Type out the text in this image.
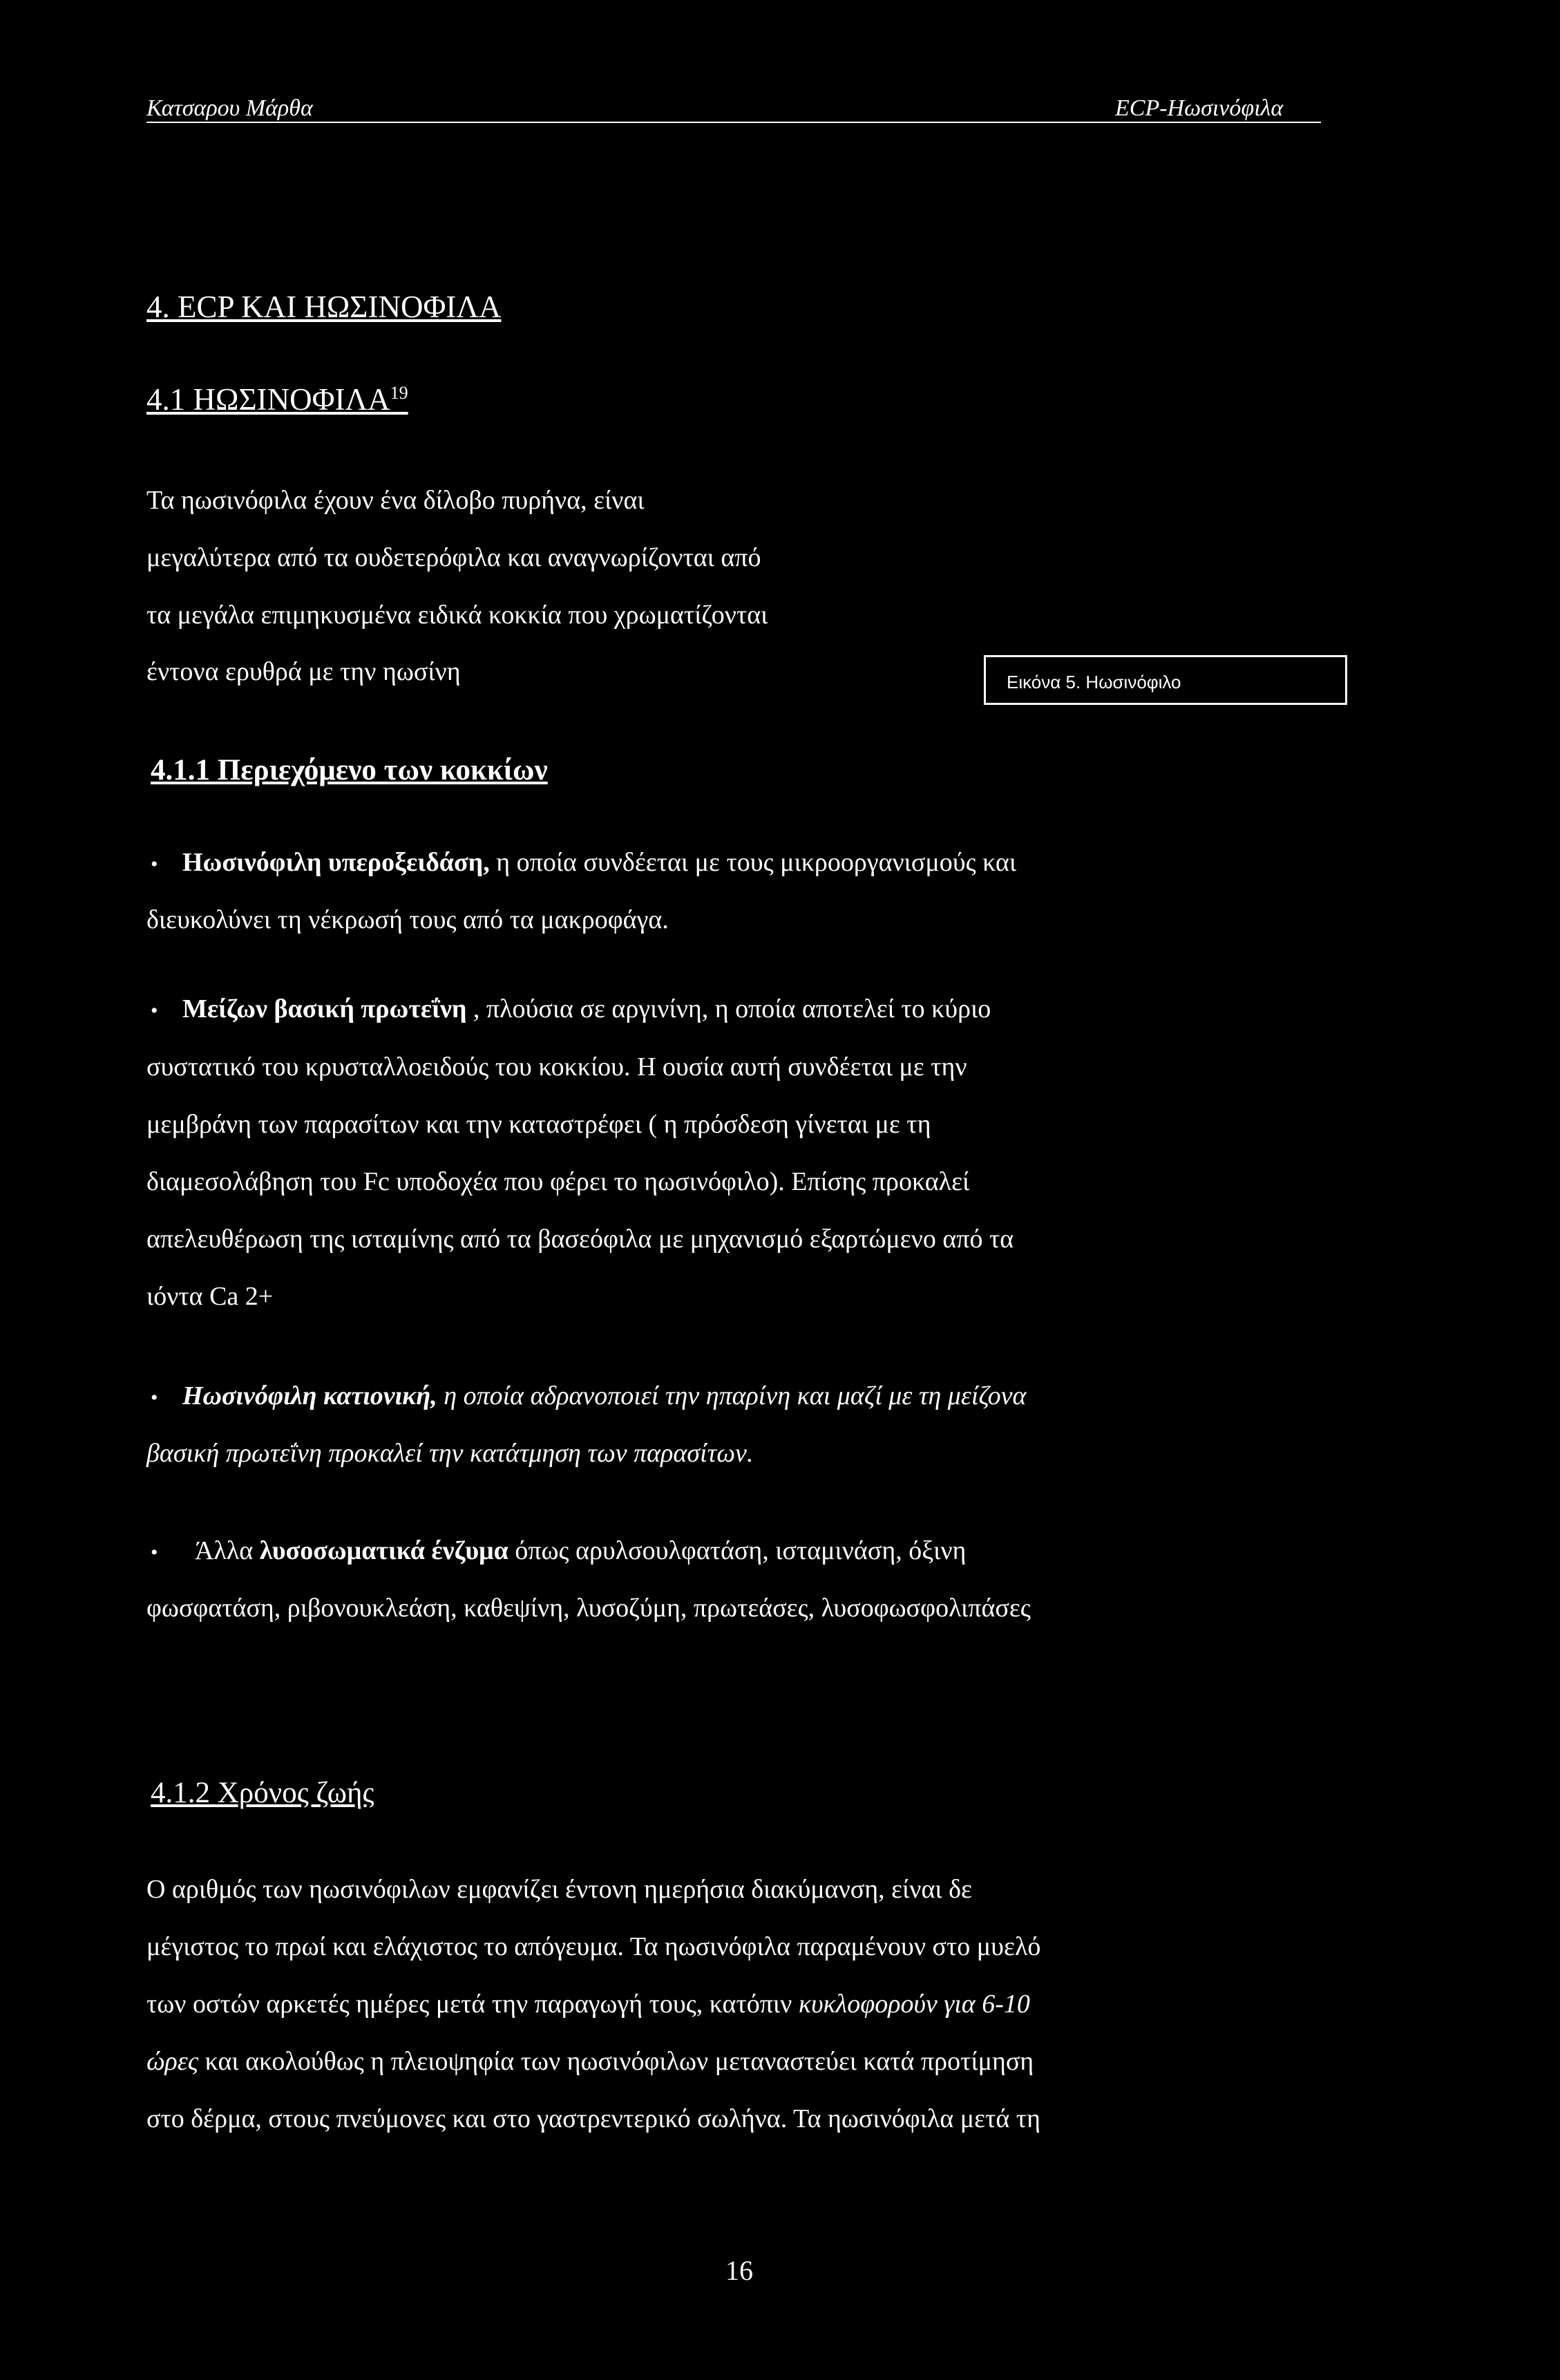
Κατσαρου Μάρθα	ECP-Ηωσινόφιλα
4. ECP ΚΑΙ ΗΩΣΙΝΟΦΙΛΑ
4.1 ΗΩΣΙΝΟΦΙΛΑ$^{19}$
Τα ηωσινόφιλα έχουν ένα δίλοβο πυρήνα, είναι
μεγαλύτερα από τα ουδετερόφιλα και αναγνωρίζονται από
τα μεγάλα επιμηκυσμένα ειδικά κοκκία που χρωματίζονται
έντονα ερυθρά με την ηωσίνη	Εικόνα 5. Ηωσινόφιλο
4.1.1 Περιεχόμενο των κοκκίων
• Ηωσινόφιλη υπεροξειδάση, η οποία συνδέεται με τους μικροοργανισμούς και
διευκολύνει τη νέκρωσή τους από τα μακροφάγα.
• Μείζων βασική πρωτεΐνη , πλούσια σε αργινίνη, η οποία αποτελεί το κύριο
συστατικό του κρυσταλλοειδούς του κοκκίου. Η ουσία αυτή συνδέεται με την
μεμβράνη των παρασίτων και την καταστρέφει ( η πρόσδεση γίνεται με τη
διαμεσολάβηση του Fc υποδοχέα που φέρει το ηωσινόφιλο). Επίσης προκαλεί
απελευθέρωση της ισταμίνης από τα βασεόφιλα με μηχανισμό εξαρτώμενο από τα
ιόντα Ca 2+
• Ηωσινόφιλη κατιονική, η οποία αδρανοποιεί την ηπαρίνη και μαζί με τη μείζονα
βασική πρωτεΐνη προκαλεί την κατάτμηση των παρασίτων.
• Άλλα λυσοσωματικά ένζυμα όπως αρυλσουλφατάση, ισταμινάση, όξινη
φωσφατάση, ριβονουκλεάση, καθεψίνη, λυσοζύμη, πρωτεάσες, λυσοφωσφολιπάσες
4.1.2 Χρόνος ζωής
Ο αριθμός των ηωσινόφιλων εμφανίζει έντονη ημερήσια διακύμανση, είναι δε
μέγιστος το πρωί και ελάχιστος το απόγευμα. Τα ηωσινόφιλα παραμένουν στο μυελό
των οστών αρκετές ημέρες μετά την παραγωγή τους, κατόπιν κυκλοφορούν για 6-10
ώρες και ακολούθως η πλειοψηφία των ηωσινόφιλων μεταναστεύει κατά προτίμηση
στο δέρμα, στους πνεύμονες και στο γαστρεντερικό σωλήνα. Τα ηωσινόφιλα μετά τη
16
